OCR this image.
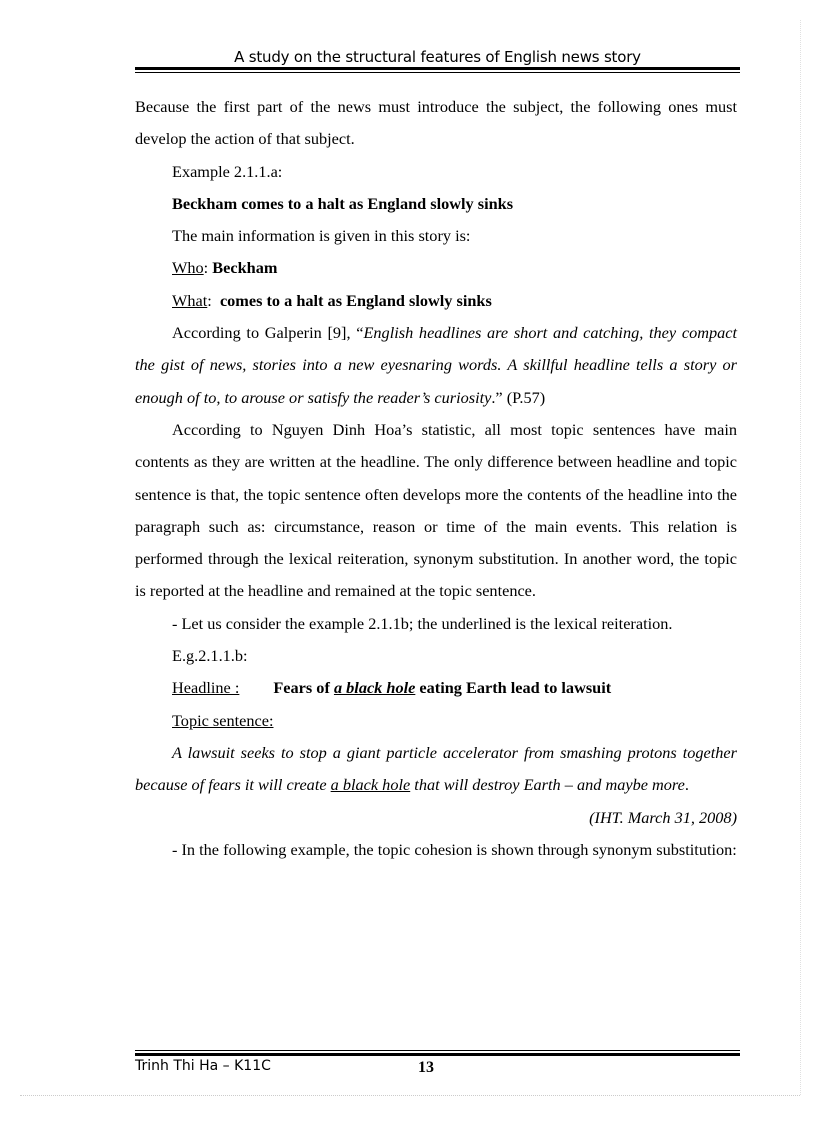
A study on the structural features of English news story

Because the first part of the news must introduce the subject, the following ones must develop the action of that subject.

Example 2.1.1.a:

Beckham comes to a halt as England slowly sinks

The main information is given in this story is:

Who: Beckham

What:  comes to a halt as England slowly sinks

According to Galperin [9], “English headlines are short and catching, they compact the gist of news, stories into a new eyesnaring words. A skillful headline tells a story or enough of to, to arouse or satisfy the reader’s curiosity.” (P.57)

According to Nguyen Dinh Hoa’s statistic, all most topic sentences have main contents as they are written at the headline. The only difference between headline and topic sentence is that, the topic sentence often develops more the contents of the headline into the paragraph such as: circumstance, reason or time of the main events. This relation is performed through the lexical reiteration, synonym substitution. In another word, the topic is reported at the headline and remained at the topic sentence.

- Let us consider the example 2.1.1b; the underlined is the lexical reiteration.

E.g.2.1.1.b:

Headline : Fears of a black hole eating Earth lead to lawsuit

Topic sentence:

A lawsuit seeks to stop a giant particle accelerator from smashing protons together because of fears it will create a black hole that will destroy Earth – and maybe more.

(IHT. March 31, 2008)

- In the following example, the topic cohesion is shown through synonym substitution:

Trinh Thi Ha – K11C	13
